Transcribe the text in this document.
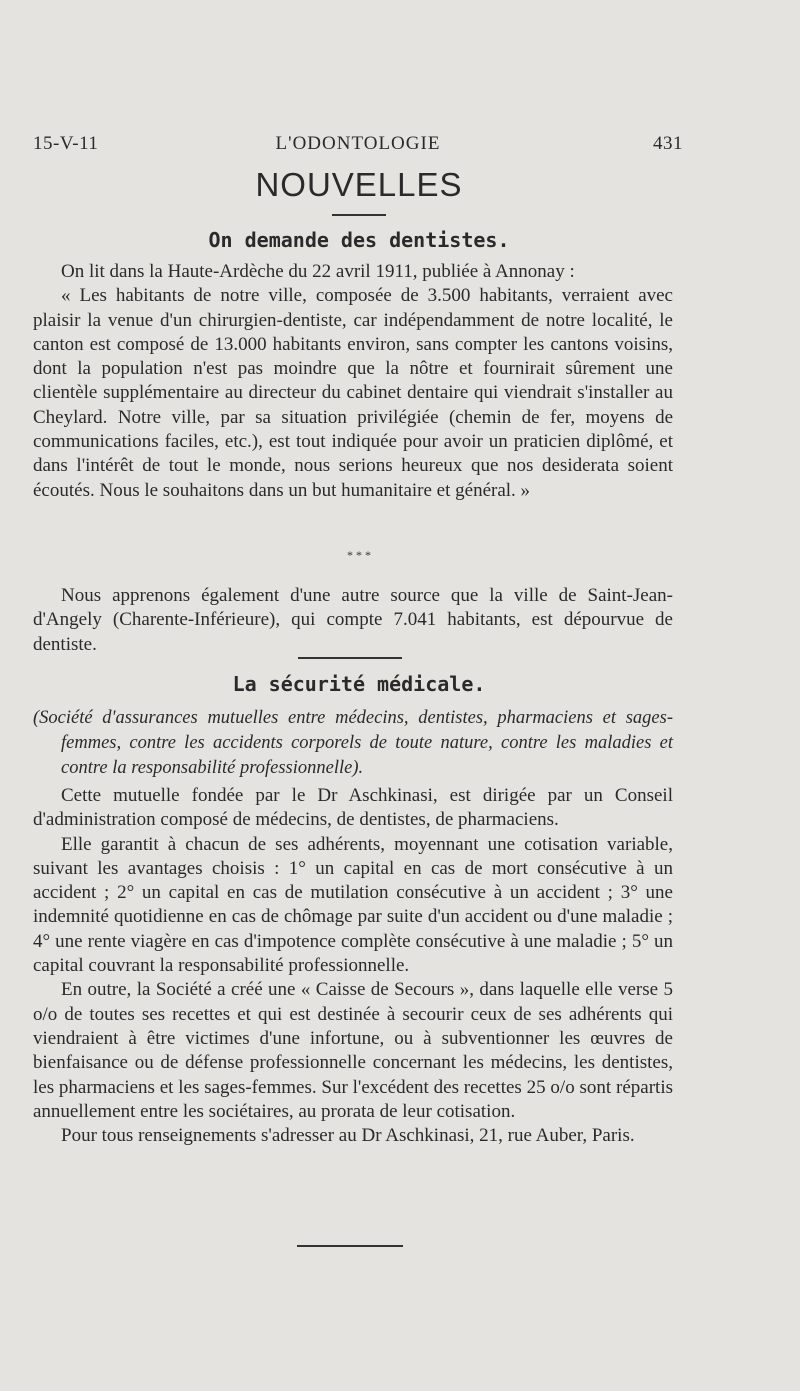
15-V-11	L'ODONTOLOGIE	431
NOUVELLES
On demande des dentistes.

On lit dans la Haute-Ardèche du 22 avril 1911, publiée à Annonay :

« Les habitants de notre ville, composée de 3.500 habitants, verraient avec plaisir la venue d'un chirurgien-dentiste, car indépendamment de notre localité, le canton est composé de 13.000 habitants environ, sans compter les cantons voisins, dont la population n'est pas moindre que la nôtre et fournirait sûrement une clientèle supplémentaire au directeur du cabinet dentaire qui viendrait s'installer au Cheylard. Notre ville, par sa situation privilégiée (chemin de fer, moyens de communications faciles, etc.), est tout indiquée pour avoir un praticien diplômé, et dans l'intérêt de tout le monde, nous serions heureux que nos desiderata soient écoutés. Nous le souhaitons dans un but humanitaire et général. »

* * *

Nous apprenons également d'une autre source que la ville de Saint-Jean-d'Angely (Charente-Inférieure), qui compte 7.041 habitants, est dépourvue de dentiste.

La sécurité médicale.

(Société d'assurances mutuelles entre médecins, dentistes, pharmaciens et sages-femmes, contre les accidents corporels de toute nature, contre les maladies et contre la responsabilité professionnelle).

Cette mutuelle fondée par le Dr Aschkinasi, est dirigée par un Conseil d'administration composé de médecins, de dentistes, de pharmaciens.

Elle garantit à chacun de ses adhérents, moyennant une cotisation variable, suivant les avantages choisis : 1° un capital en cas de mort consécutive à un accident ; 2° un capital en cas de mutilation consécutive à un accident ; 3° une indemnité quotidienne en cas de chômage par suite d'un accident ou d'une maladie ; 4° une rente viagère en cas d'impotence complète consécutive à une maladie ; 5° un capital couvrant la responsabilité professionnelle.

En outre, la Société a créé une « Caisse de Secours », dans laquelle elle verse 5 o/o de toutes ses recettes et qui est destinée à secourir ceux de ses adhérents qui viendraient à être victimes d'une infortune, ou à subventionner les œuvres de bienfaisance ou de défense professionnelle concernant les médecins, les dentistes, les pharmaciens et les sages-femmes. Sur l'excédent des recettes 25 o/o sont répartis annuellement entre les sociétaires, au prorata de leur cotisation.

Pour tous renseignements s'adresser au Dr Aschkinasi, 21, rue Auber, Paris.
